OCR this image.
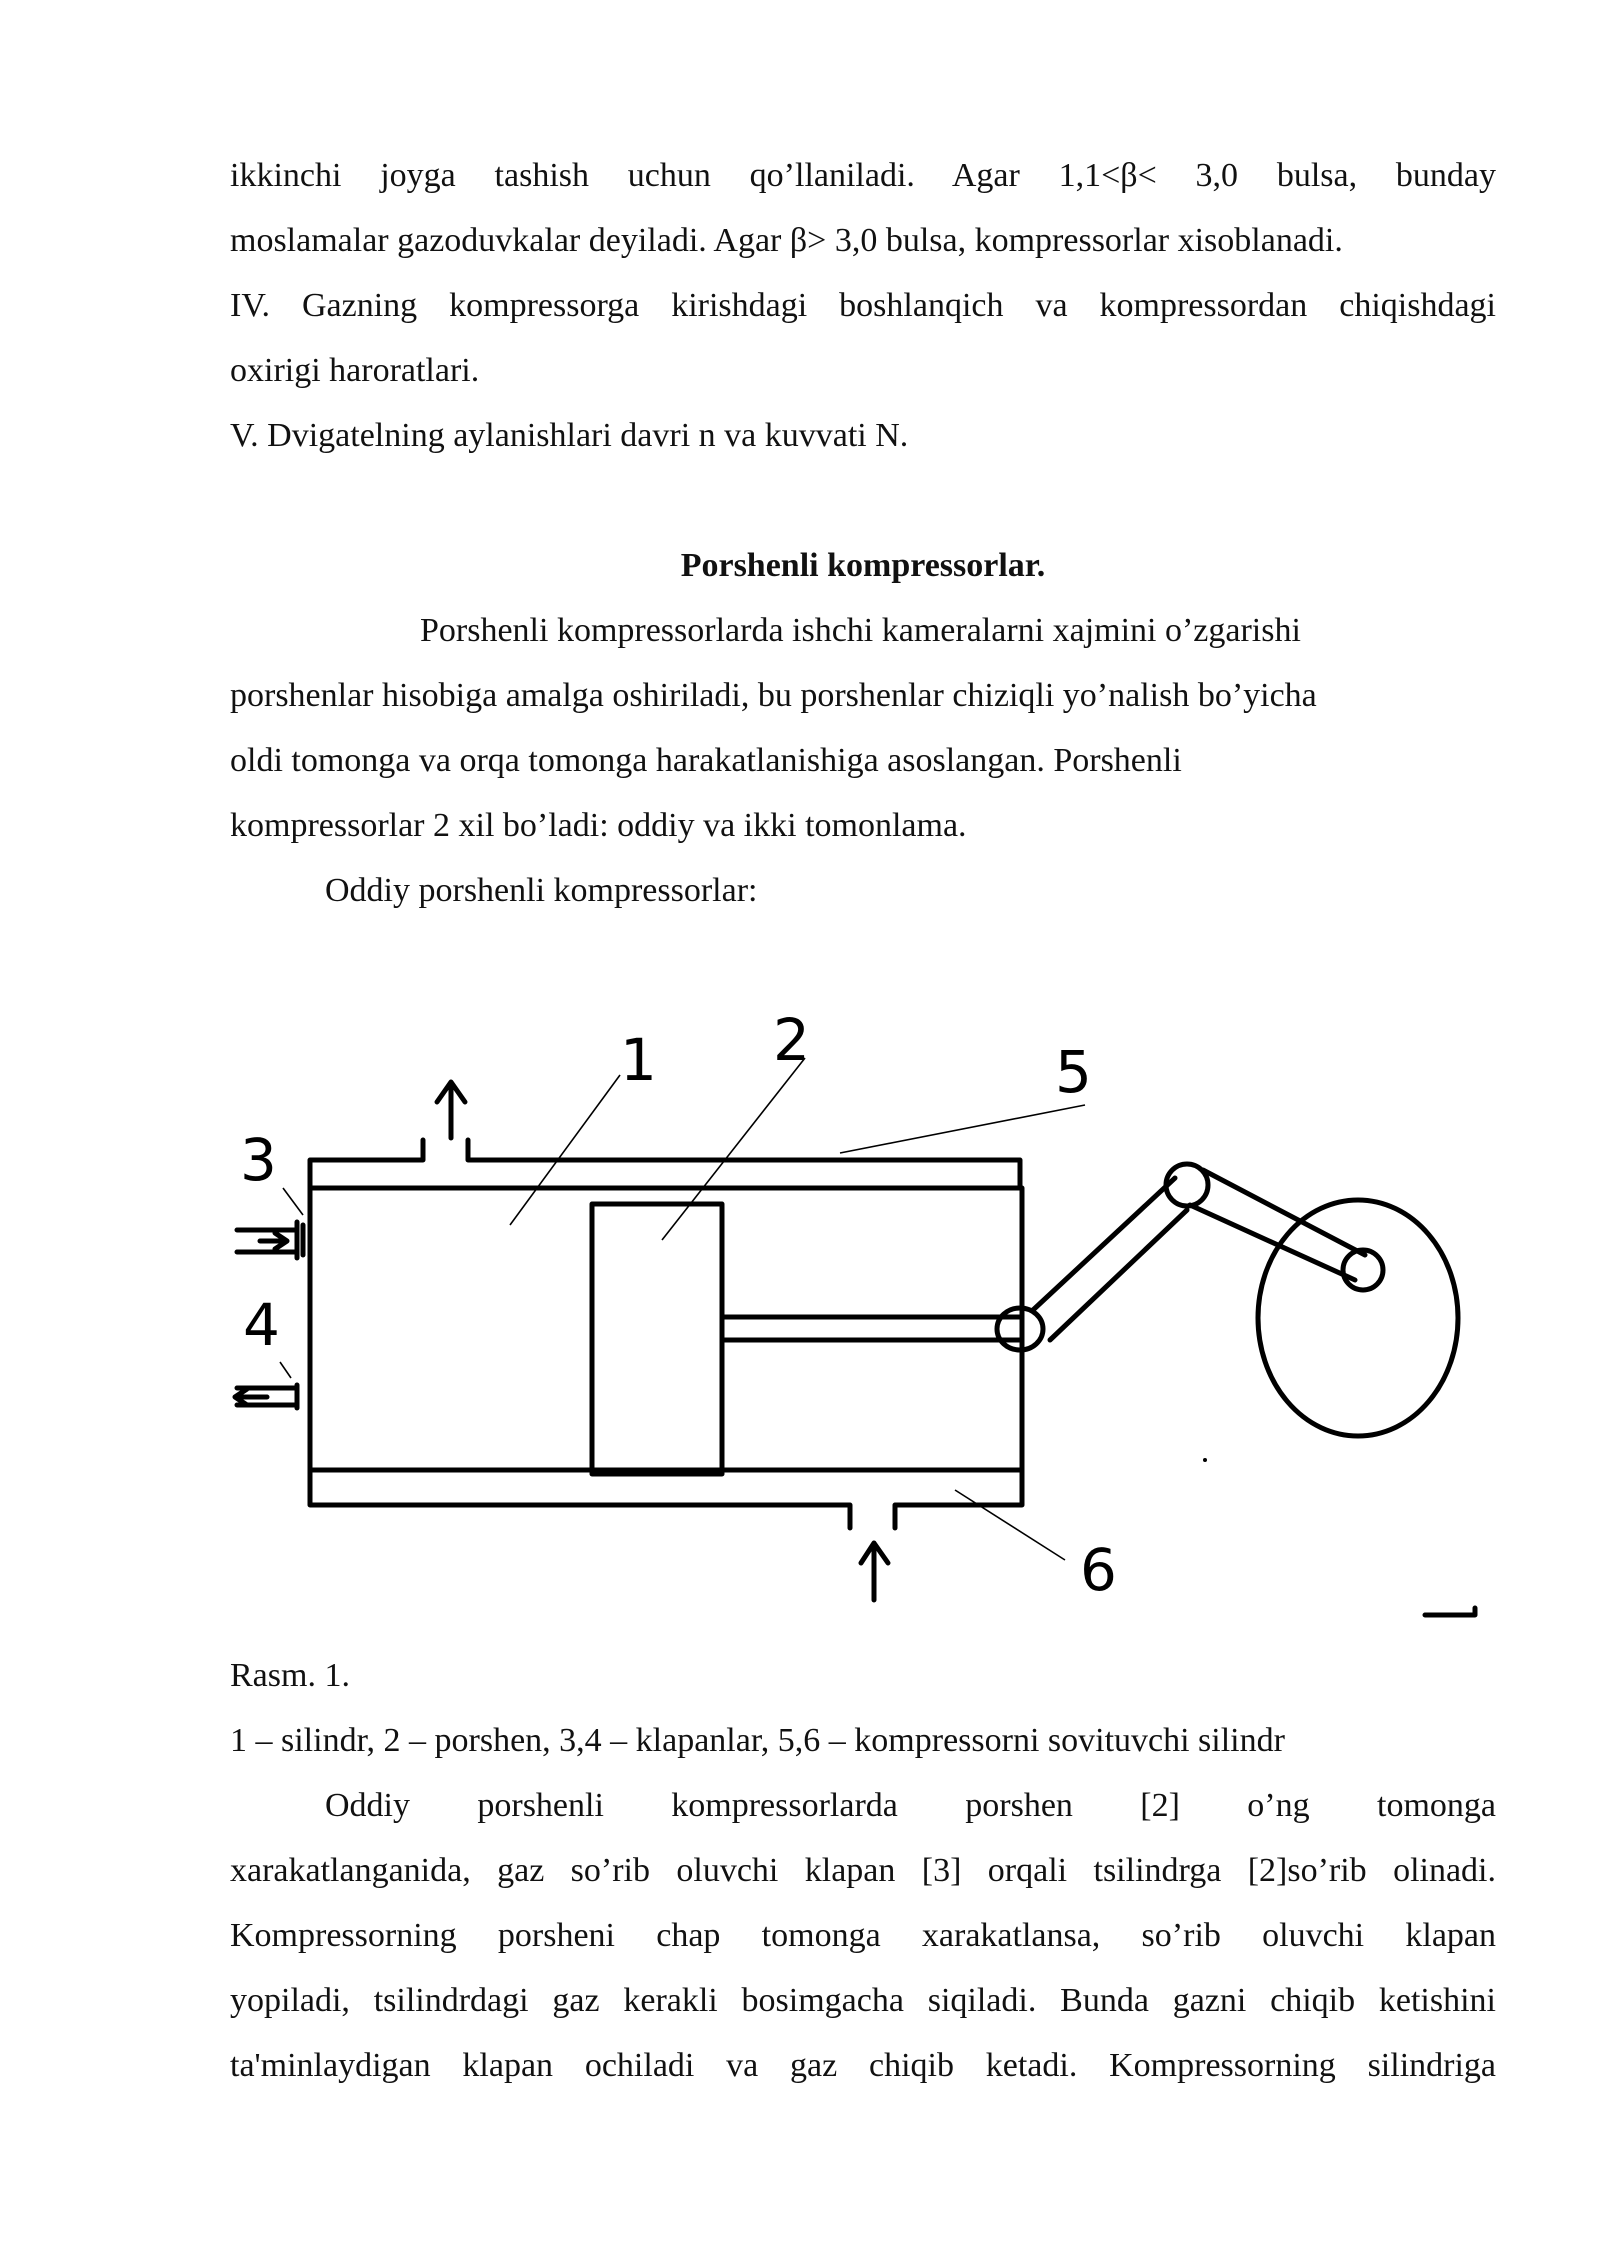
ikkinchi joyga tashish uchun qo’llaniladi. Agar 1,1<β< 3,0 bulsa, bunday

moslamalar gazoduvkalar deyiladi. Agar β> 3,0 bulsa, kompressorlar xisoblanadi.

IV. Gazning kompressorga kirishdagi boshlanqich va kompressordan chiqishdagi

oxirigi haroratlari.

V. Dvigatelning aylanishlari davri n va kuvvati N.

Porshenli kompressorlar.

Porshenli kompressorlarda ishchi kameralarni xajmini o’zgarishi

porshenlar hisobiga amalga oshiriladi, bu porshenlar chiziqli yo’nalish bo’yicha

oldi tomonga va orqa tomonga harakatlanishiga asoslangan. Porshenli

kompressorlar 2 xil bo’ladi: oddiy va ikki tomonlama.

Oddiy porshenli kompressorlar:

1 2
3
4
5
6

Rasm. 1.

1 – silindr, 2 – porshen, 3,4 – klapanlar, 5,6 – kompressorni sovituvchi silindr

Oddiy porshenli kompressorlarda porshen [2] o’ng tomonga

xarakatlanganida, gaz so’rib oluvchi klapan [3] orqali tsilindrga [2]so’rib olinadi.

Kompressorning porsheni chap tomonga xarakatlansa, so’rib oluvchi klapan

yopiladi, tsilindrdagi gaz kerakli bosimgacha siqiladi. Bunda gazni chiqib ketishini

ta'minlaydigan klapan ochiladi va gaz chiqib ketadi. Kompressorning silindriga
